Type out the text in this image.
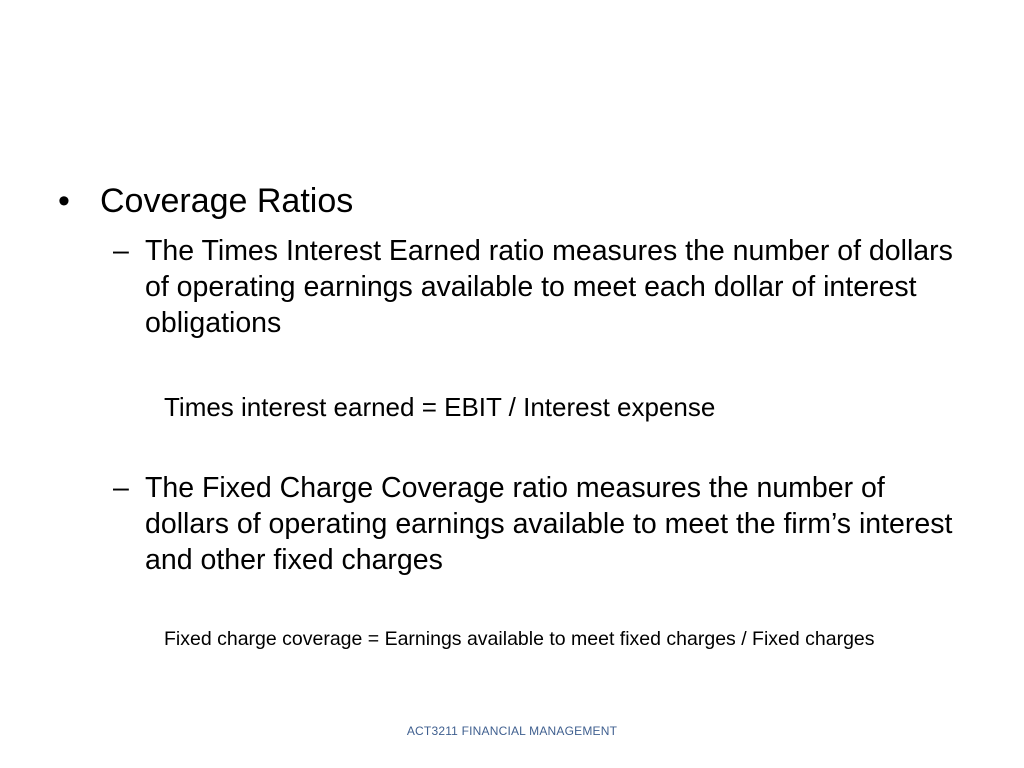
• Coverage Ratios
– The Times Interest Earned ratio measures the number of dollars of operating earnings available to meet each dollar of interest obligations
Times interest earned = EBIT / Interest expense
– The Fixed Charge Coverage ratio measures the number of dollars of operating earnings available to meet the firm’s interest and other fixed charges
Fixed charge coverage = Earnings available to meet fixed charges / Fixed charges
ACT3211 FINANCIAL MANAGEMENT
